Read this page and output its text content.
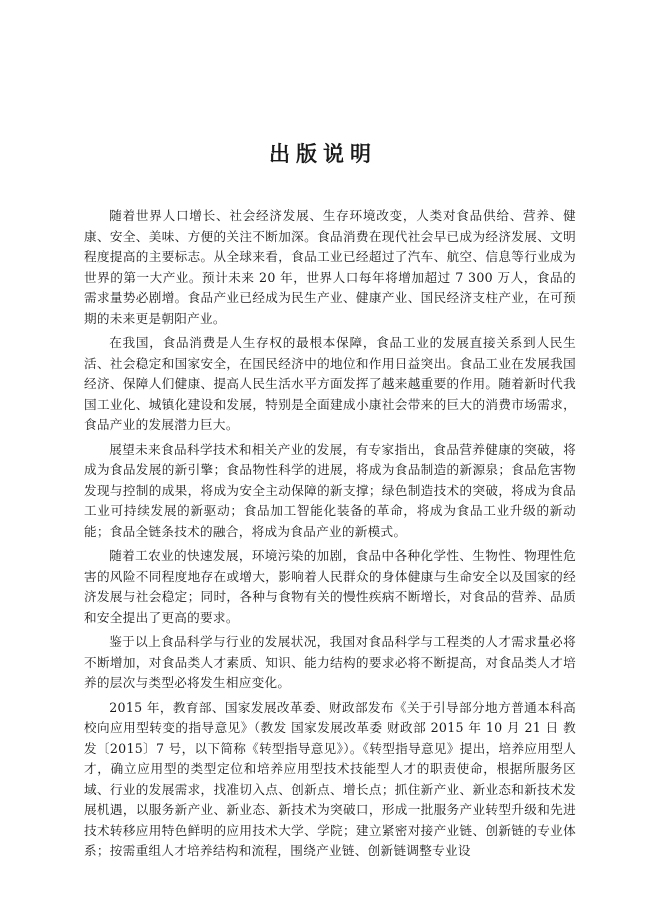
出版说明

随着世界人口增长、社会经济发展、生存环境改变，人类对食品供给、营养、健康、安全、美味、方便的关注不断加深。食品消费在现代社会早已成为经济发展、文明程度提高的主要标志。从全球来看，食品工业已经超过了汽车、航空、信息等行业成为世界的第一大产业。预计未来 20 年，世界人口每年将增加超过 7 300 万人，食品的需求量势必剧增。食品产业已经成为民生产业、健康产业、国民经济支柱产业，在可预期的未来更是朝阳产业。

在我国，食品消费是人生存权的最根本保障，食品工业的发展直接关系到人民生活、社会稳定和国家安全，在国民经济中的地位和作用日益突出。食品工业在发展我国经济、保障人们健康、提高人民生活水平方面发挥了越来越重要的作用。随着新时代我国工业化、城镇化建设和发展，特别是全面建成小康社会带来的巨大的消费市场需求，食品产业的发展潜力巨大。

展望未来食品科学技术和相关产业的发展，有专家指出，食品营养健康的突破，将成为食品发展的新引擎；食品物性科学的进展，将成为食品制造的新源泉；食品危害物发现与控制的成果，将成为安全主动保障的新支撑；绿色制造技术的突破，将成为食品工业可持续发展的新驱动；食品加工智能化装备的革命，将成为食品工业升级的新动能；食品全链条技术的融合，将成为食品产业的新模式。

随着工农业的快速发展，环境污染的加剧，食品中各种化学性、生物性、物理性危害的风险不同程度地存在或增大，影响着人民群众的身体健康与生命安全以及国家的经济发展与社会稳定；同时，各种与食物有关的慢性疾病不断增长，对食品的营养、品质和安全提出了更高的要求。

鉴于以上食品科学与行业的发展状况，我国对食品科学与工程类的人才需求量必将不断增加，对食品类人才素质、知识、能力结构的要求必将不断提高，对食品类人才培养的层次与类型必将发生相应变化。

2015 年，教育部、国家发展改革委、财政部发布《关于引导部分地方普通本科高校向应用型转变的指导意见》（教发 国家发展改革委 财政部 2015 年 10 月 21 日 教发〔2015〕7 号，以下简称《转型指导意见》）。《转型指导意见》提出，培养应用型人才，确立应用型的类型定位和培养应用型技术技能型人才的职责使命，根据所服务区域、行业的发展需求，找准切入点、创新点、增长点；抓住新产业、新业态和新技术发展机遇，以服务新产业、新业态、新技术为突破口，形成一批服务产业转型升级和先进技术转移应用特色鲜明的应用技术大学、学院；建立紧密对接产业链、创新链的专业体系；按需重组人才培养结构和流程，围绕产业链、创新链调整专业设
